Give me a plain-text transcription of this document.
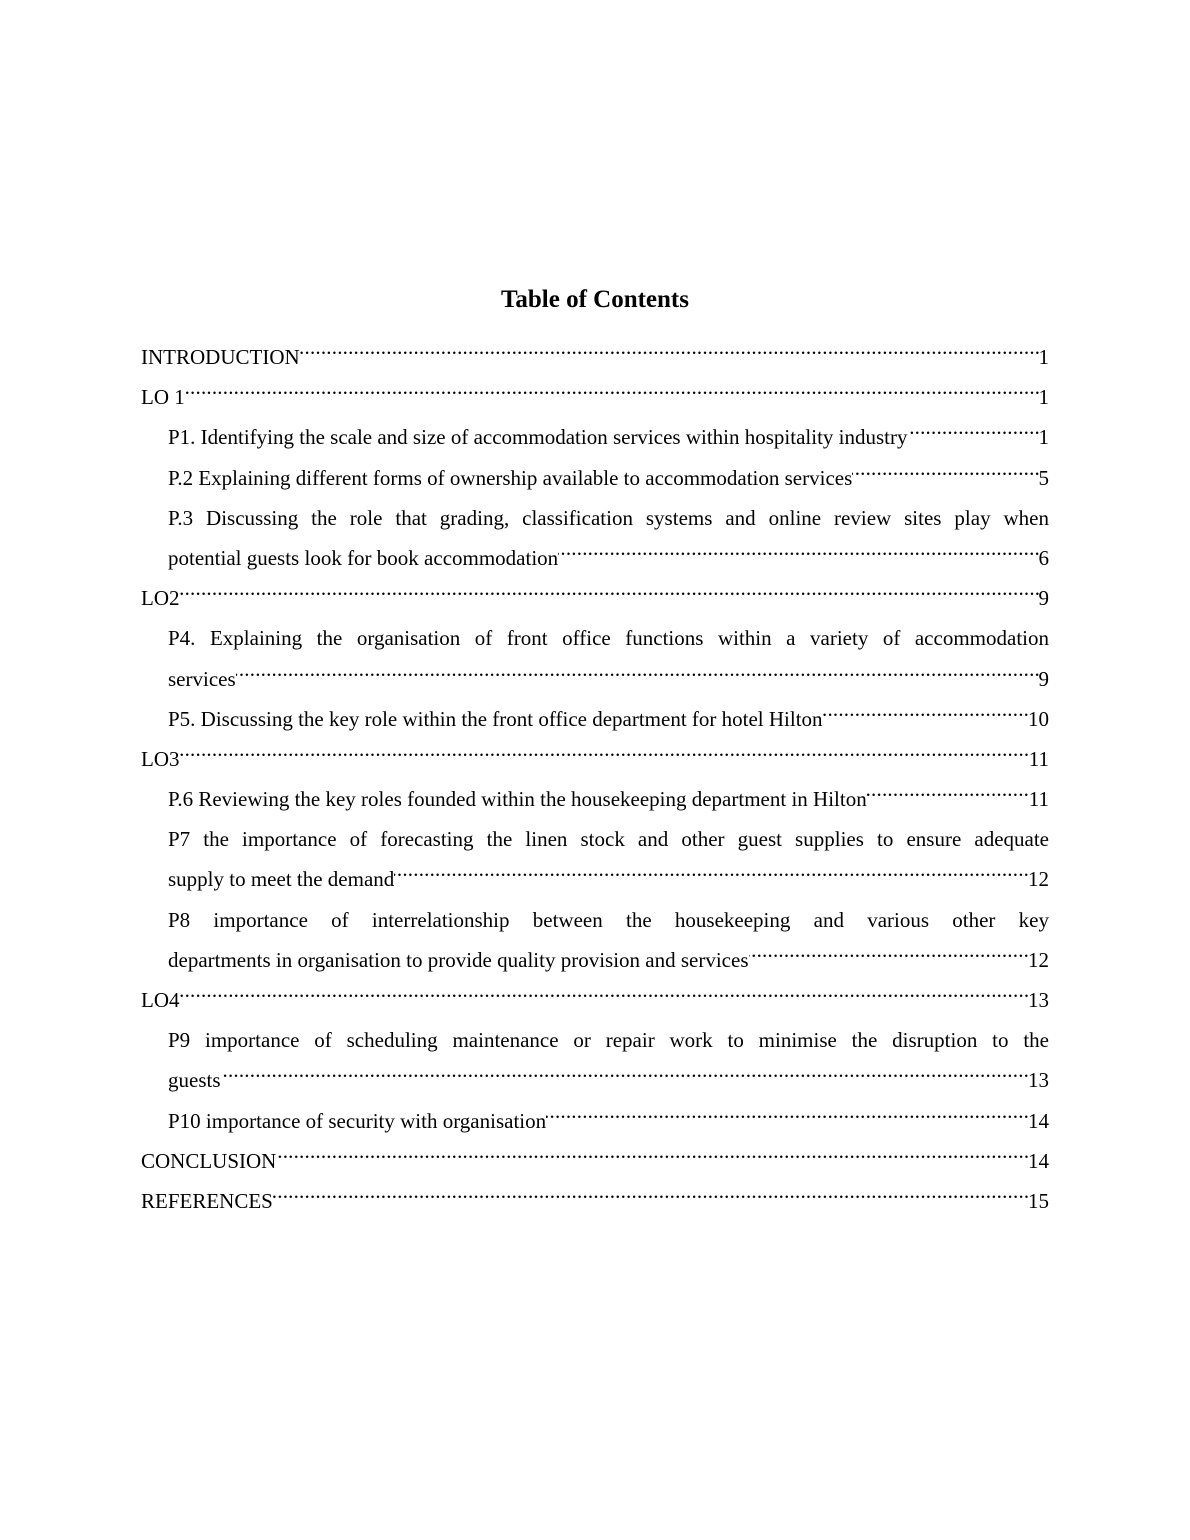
Table of Contents
.....
INTRODUCTION	1
.....
LO 1	1
.....
P1. Identifying the scale and size of accommodation services within hospitality industry	1
.....
P.2 Explaining different forms of ownership available to accommodation services	5
P.3 Discussing the role that grading, classification systems and online review sites play when
.....
potential guests look for book accommodation	6
.....
LO2	9
P4. Explaining the organisation of front office functions within a variety of accommodation
.....
services	9
.....
P5. Discussing the key role within the front office department for hotel Hilton	10
.....
LO3	11
.....
P.6 Reviewing the key roles founded within the housekeeping department in Hilton	11
P7 the importance of forecasting the linen stock and other guest supplies to ensure adequate
.....
supply to meet the demand	12
P8 importance of interrelationship between the housekeeping and various other key
.....
departments in organisation to provide quality provision and services	12
.....
LO4	13
P9 importance of scheduling maintenance or repair work to minimise the disruption to the
.....
guests	13
.....
P10 importance of security with organisation	14
.....
CONCLUSION	14
.....
REFERENCES	15
